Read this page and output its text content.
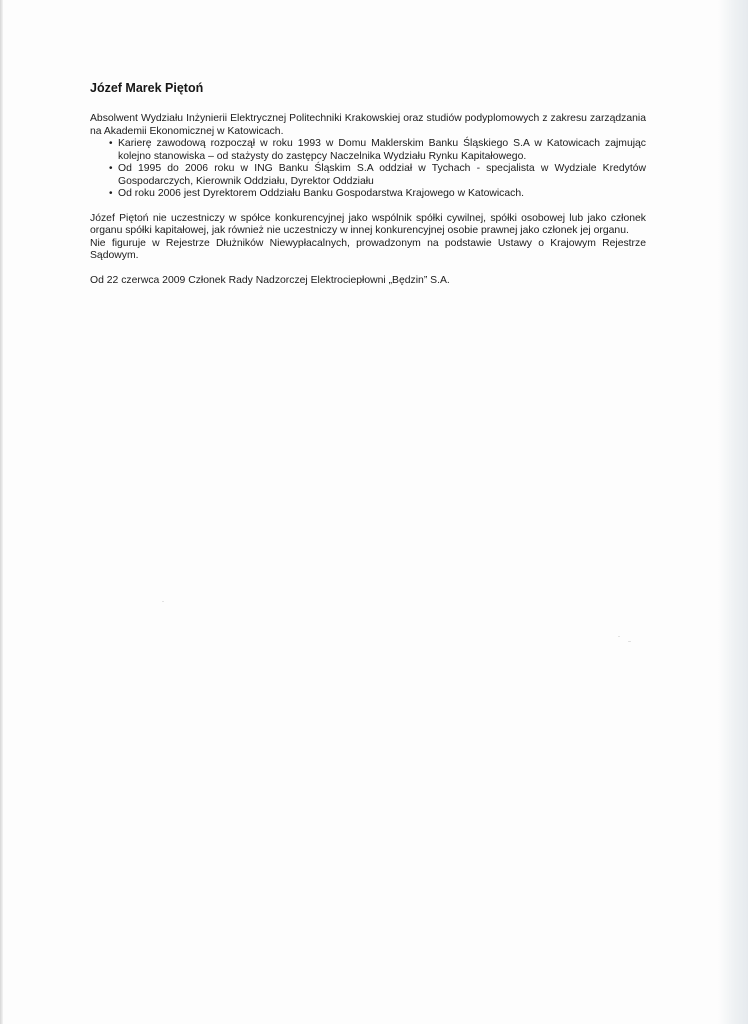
Józef Marek Piętoń

Absolwent Wydziału Inżynierii Elektrycznej Politechniki Krakowskiej oraz studiów podyplomowych z zakresu zarządzania na Akademii Ekonomicznej w Katowicach.

Karierę zawodową rozpoczął w roku 1993 w Domu Maklerskim Banku Śląskiego S.A w Katowicach zajmując kolejno stanowiska – od stażysty do zastępcy Naczelnika Wydziału Rynku Kapitałowego.
Od 1995 do 2006 roku w ING Banku Śląskim S.A oddział w Tychach - specjalista w Wydziale Kredytów Gospodarczych, Kierownik Oddziału, Dyrektor Oddziału
Od roku 2006 jest Dyrektorem Oddziału Banku Gospodarstwa Krajowego w Katowicach.

Józef Piętoń nie uczestniczy w spółce konkurencyjnej jako wspólnik spółki cywilnej, spółki osobowej lub jako członek organu spółki kapitałowej, jak również nie uczestniczy w innej konkurencyjnej osobie prawnej jako członek jej organu.

Nie figuruje w Rejestrze Dłużników Niewypłacalnych, prowadzonym na podstawie Ustawy o Krajowym Rejestrze Sądowym.

Od 22 czerwca 2009 Członek Rady Nadzorczej Elektrociepłowni „Będzin” S.A.
